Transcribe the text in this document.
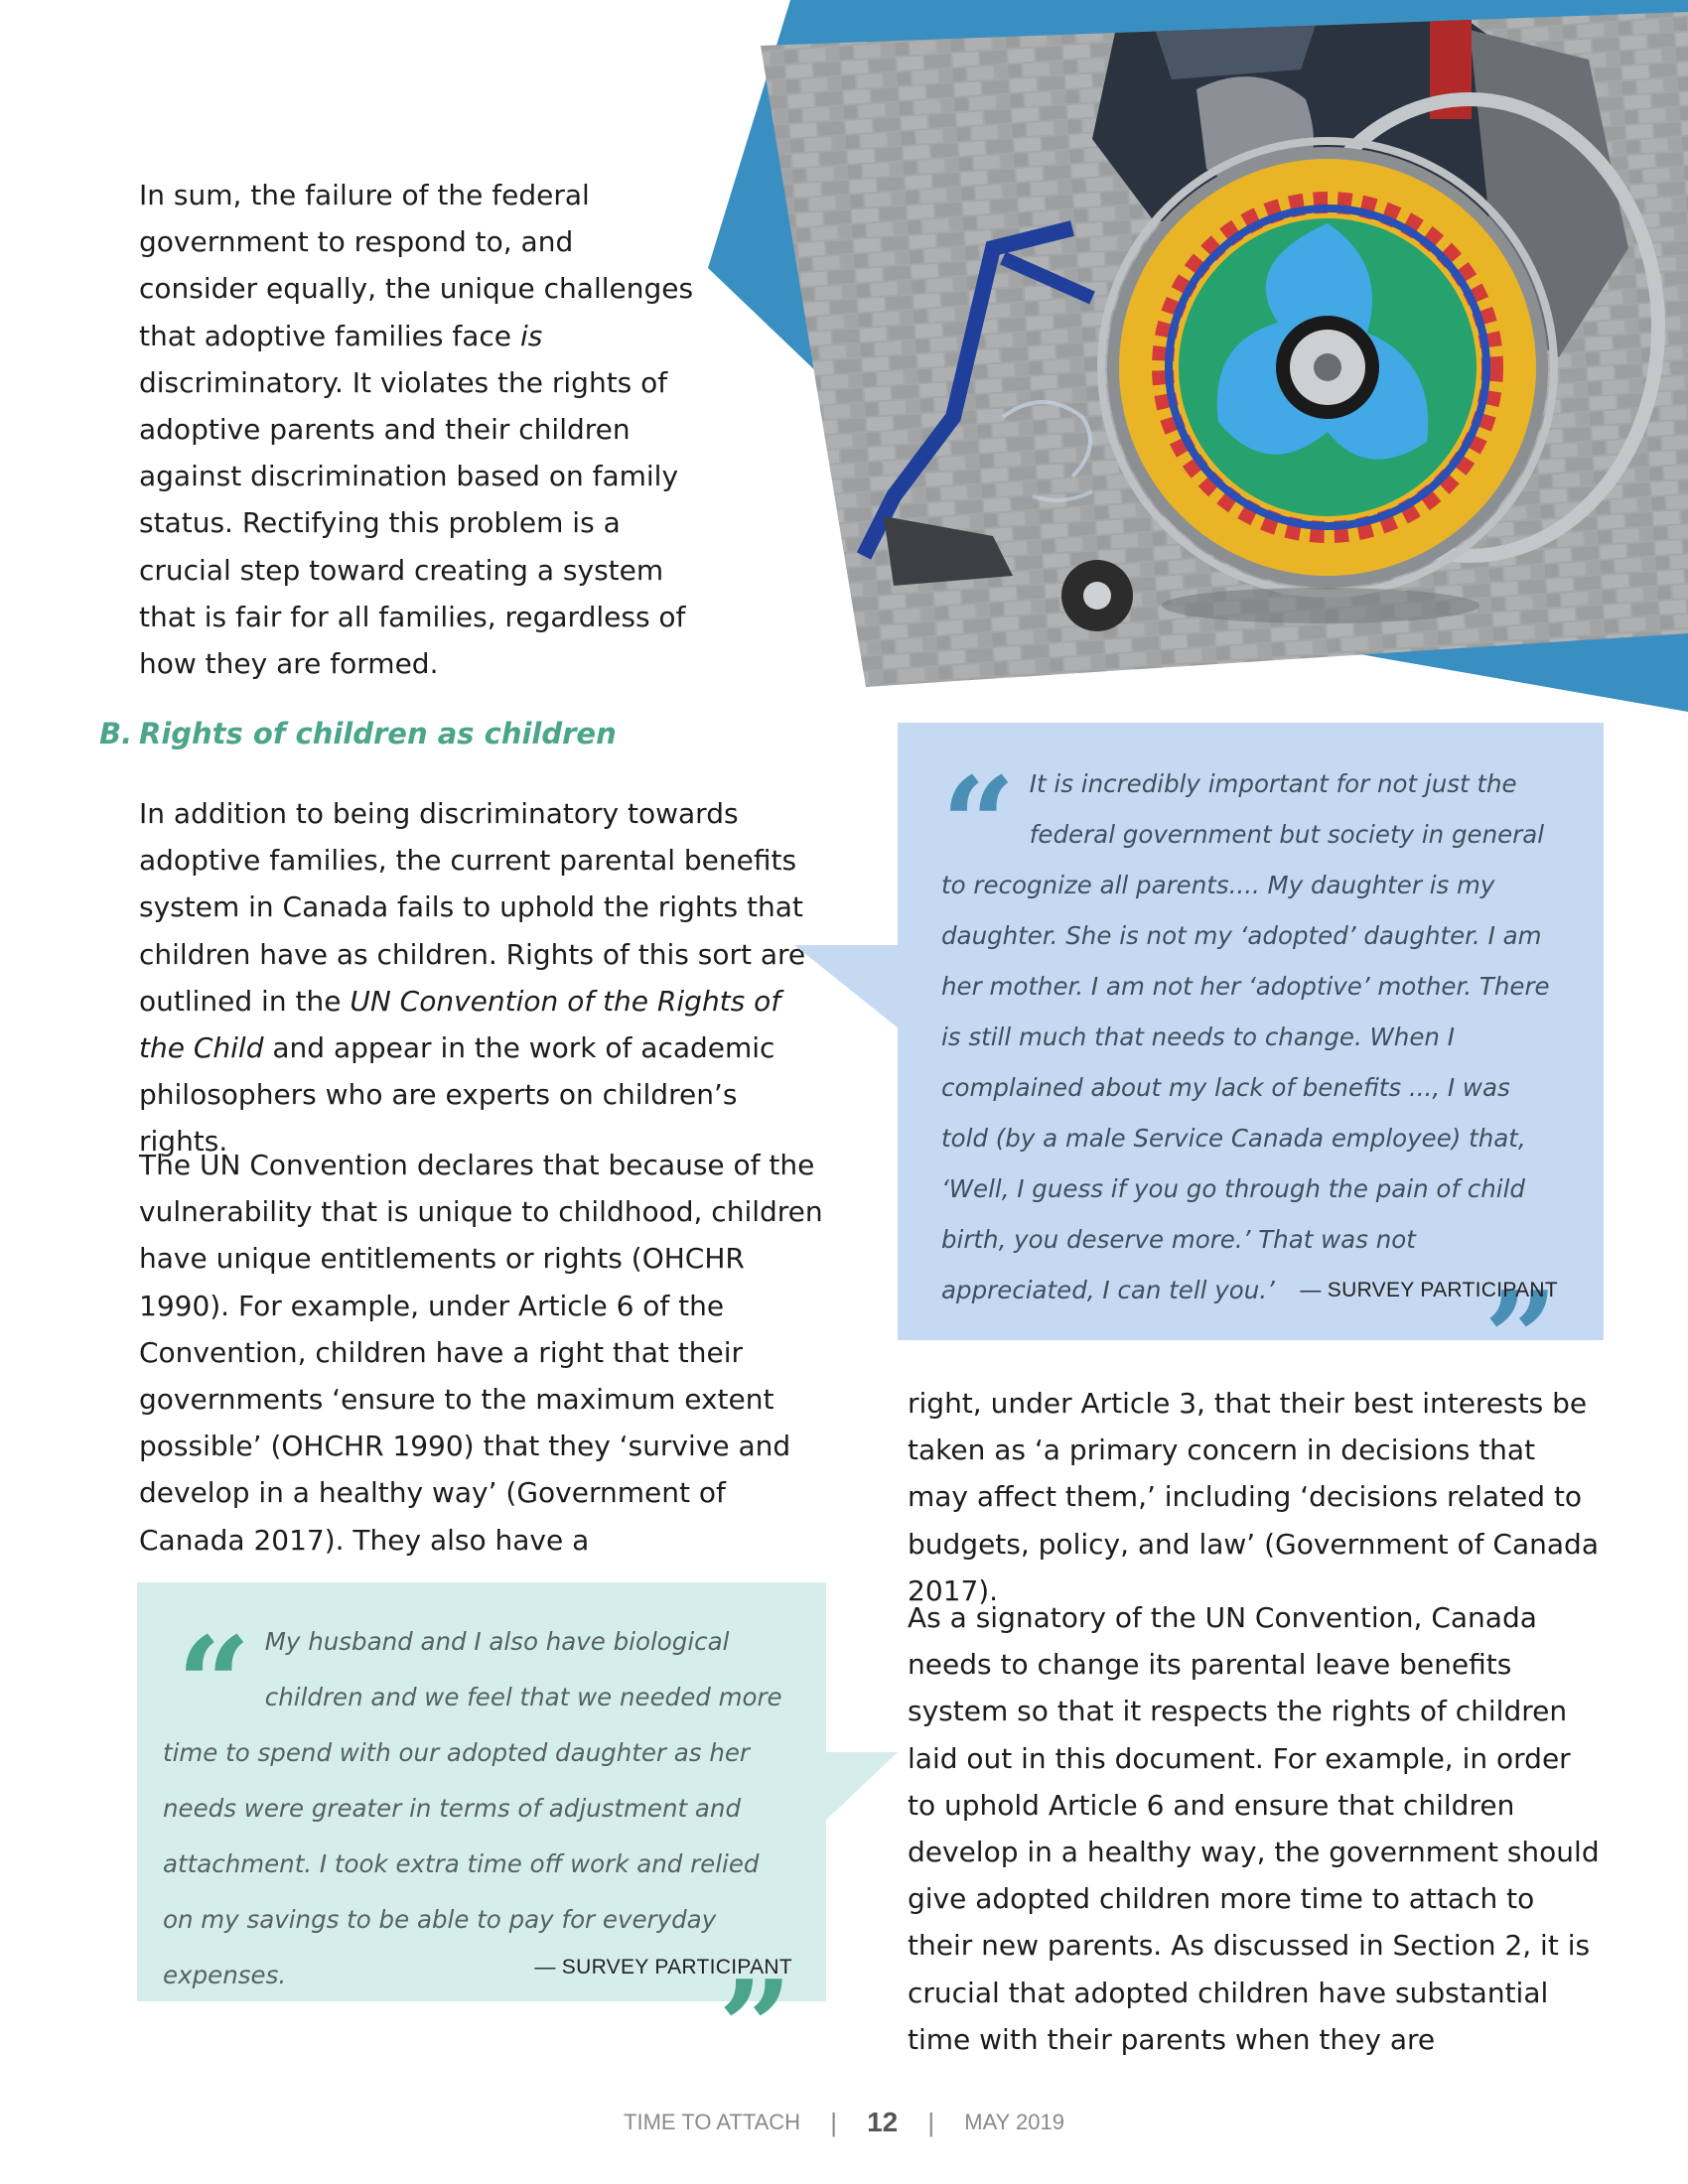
In sum, the failure of the federal government to respond to, and consider equally, the unique challenges that adoptive families face is discriminatory. It violates the rights of adoptive parents and their children against discrimination based on family status. Rectifying this problem is a crucial step toward creating a system that is fair for all families, regardless of how they are formed.

B. Rights of children as children

In addition to being discriminatory towards adoptive families, the current parental benefits system in Canada fails to uphold the rights that children have as children. Rights of this sort are outlined in the UN Convention of the Rights of the Child and appear in the work of academic philosophers who are experts on children’s rights.

The UN Convention declares that because of the vulnerability that is unique to childhood, children have unique entitlements or rights (OHCHR 1990). For example, under Article 6 of the Convention, children have a right that their governments ‘ensure to the maximum extent possible’ (OHCHR 1990) that they ‘survive and develop in a healthy way’ (Government of Canada 2017). They also have a

right, under Article 3, that their best interests be taken as ‘a primary concern in decisions that may affect them,’ including ‘decisions related to budgets, policy, and law’ (Government of Canada 2017).

As a signatory of the UN Convention, Canada needs to change its parental leave benefits system so that it respects the rights of children laid out in this document. For example, in order to uphold Article 6 and ensure that children develop in a healthy way, the government should give adopted children more time to attach to their new parents. As discussed in Section 2, it is crucial that adopted children have substantial time with their parents when they are

“ It is incredibly important for not just the federal government but society in general to recognize all parents.... My daughter is my daughter. She is not my ‘adopted’ daughter. I am her mother. I am not her ‘adoptive’ mother. There is still much that needs to change. When I complained about my lack of benefits ..., I was told (by a male Service Canada employee) that, ‘Well, I guess if you go through the pain of child birth, you deserve more.’ That was not appreciated, I can tell you.’ ”

— SURVEY PARTICIPANT
“ My husband and I also have biological children and we feel that we needed more time to spend with our adopted daughter as her needs were greater in terms of adjustment and attachment. I took extra time off work and relied on my savings to be able to pay for everyday expenses.	”

— SURVEY PARTICIPANT
TIME TO ATTACH | 12 | MAY 2019
